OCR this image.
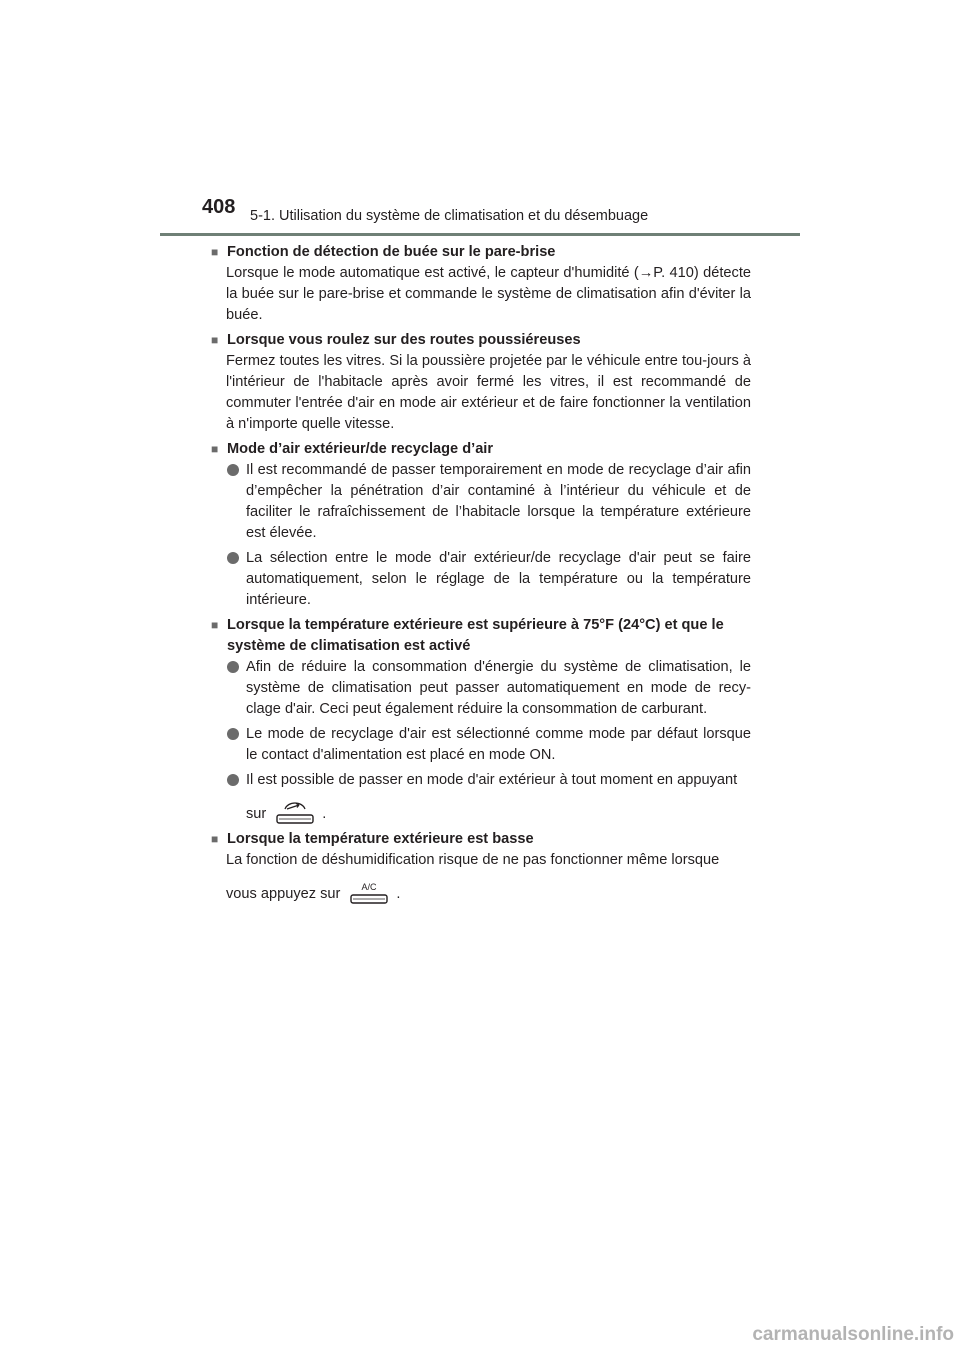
408 5-1. Utilisation du système de climatisation et du désembuage
■ Fonction de détection de buée sur le pare-brise
Lorsque le mode automatique est activé, le capteur d'humidité (→P. 410) détecte la buée sur le pare-brise et commande le système de climatisation afin d'éviter la buée.
■ Lorsque vous roulez sur des routes poussiéreuses
Fermez toutes les vitres. Si la poussière projetée par le véhicule entre tou-jours à l'intérieur de l'habitacle après avoir fermé les vitres, il est recommandé de commuter l'entrée d'air en mode air extérieur et de faire fonctionner la ventilation à n'importe quelle vitesse.
■ Mode d’air extérieur/de recyclage d’air
Il est recommandé de passer temporairement en mode de recyclage d’air afin d’empêcher la pénétration d’air contaminé à l’intérieur du véhicule et de faciliter le rafraîchissement de l’habitacle lorsque la température extérieure est élevée.
La sélection entre le mode d'air extérieur/de recyclage d'air peut se faire automatiquement, selon le réglage de la température ou la température intérieure.
■ Lorsque la température extérieure est supérieure à 75°F (24°C) et que le système de climatisation est activé
Afin de réduire la consommation d'énergie du système de climatisation, le système de climatisation peut passer automatiquement en mode de recy-clage d'air. Ceci peut également réduire la consommation de carburant.
Le mode de recyclage d'air est sélectionné comme mode par défaut lorsque le contact d'alimentation est placé en mode ON.
Il est possible de passer en mode d'air extérieur à tout moment en appuyant
sur	.
■ Lorsque la température extérieure est basse
La fonction de déshumidification risque de ne pas fonctionner même lorsque
vous appuyez sur A/C .
carmanualsonline.info
